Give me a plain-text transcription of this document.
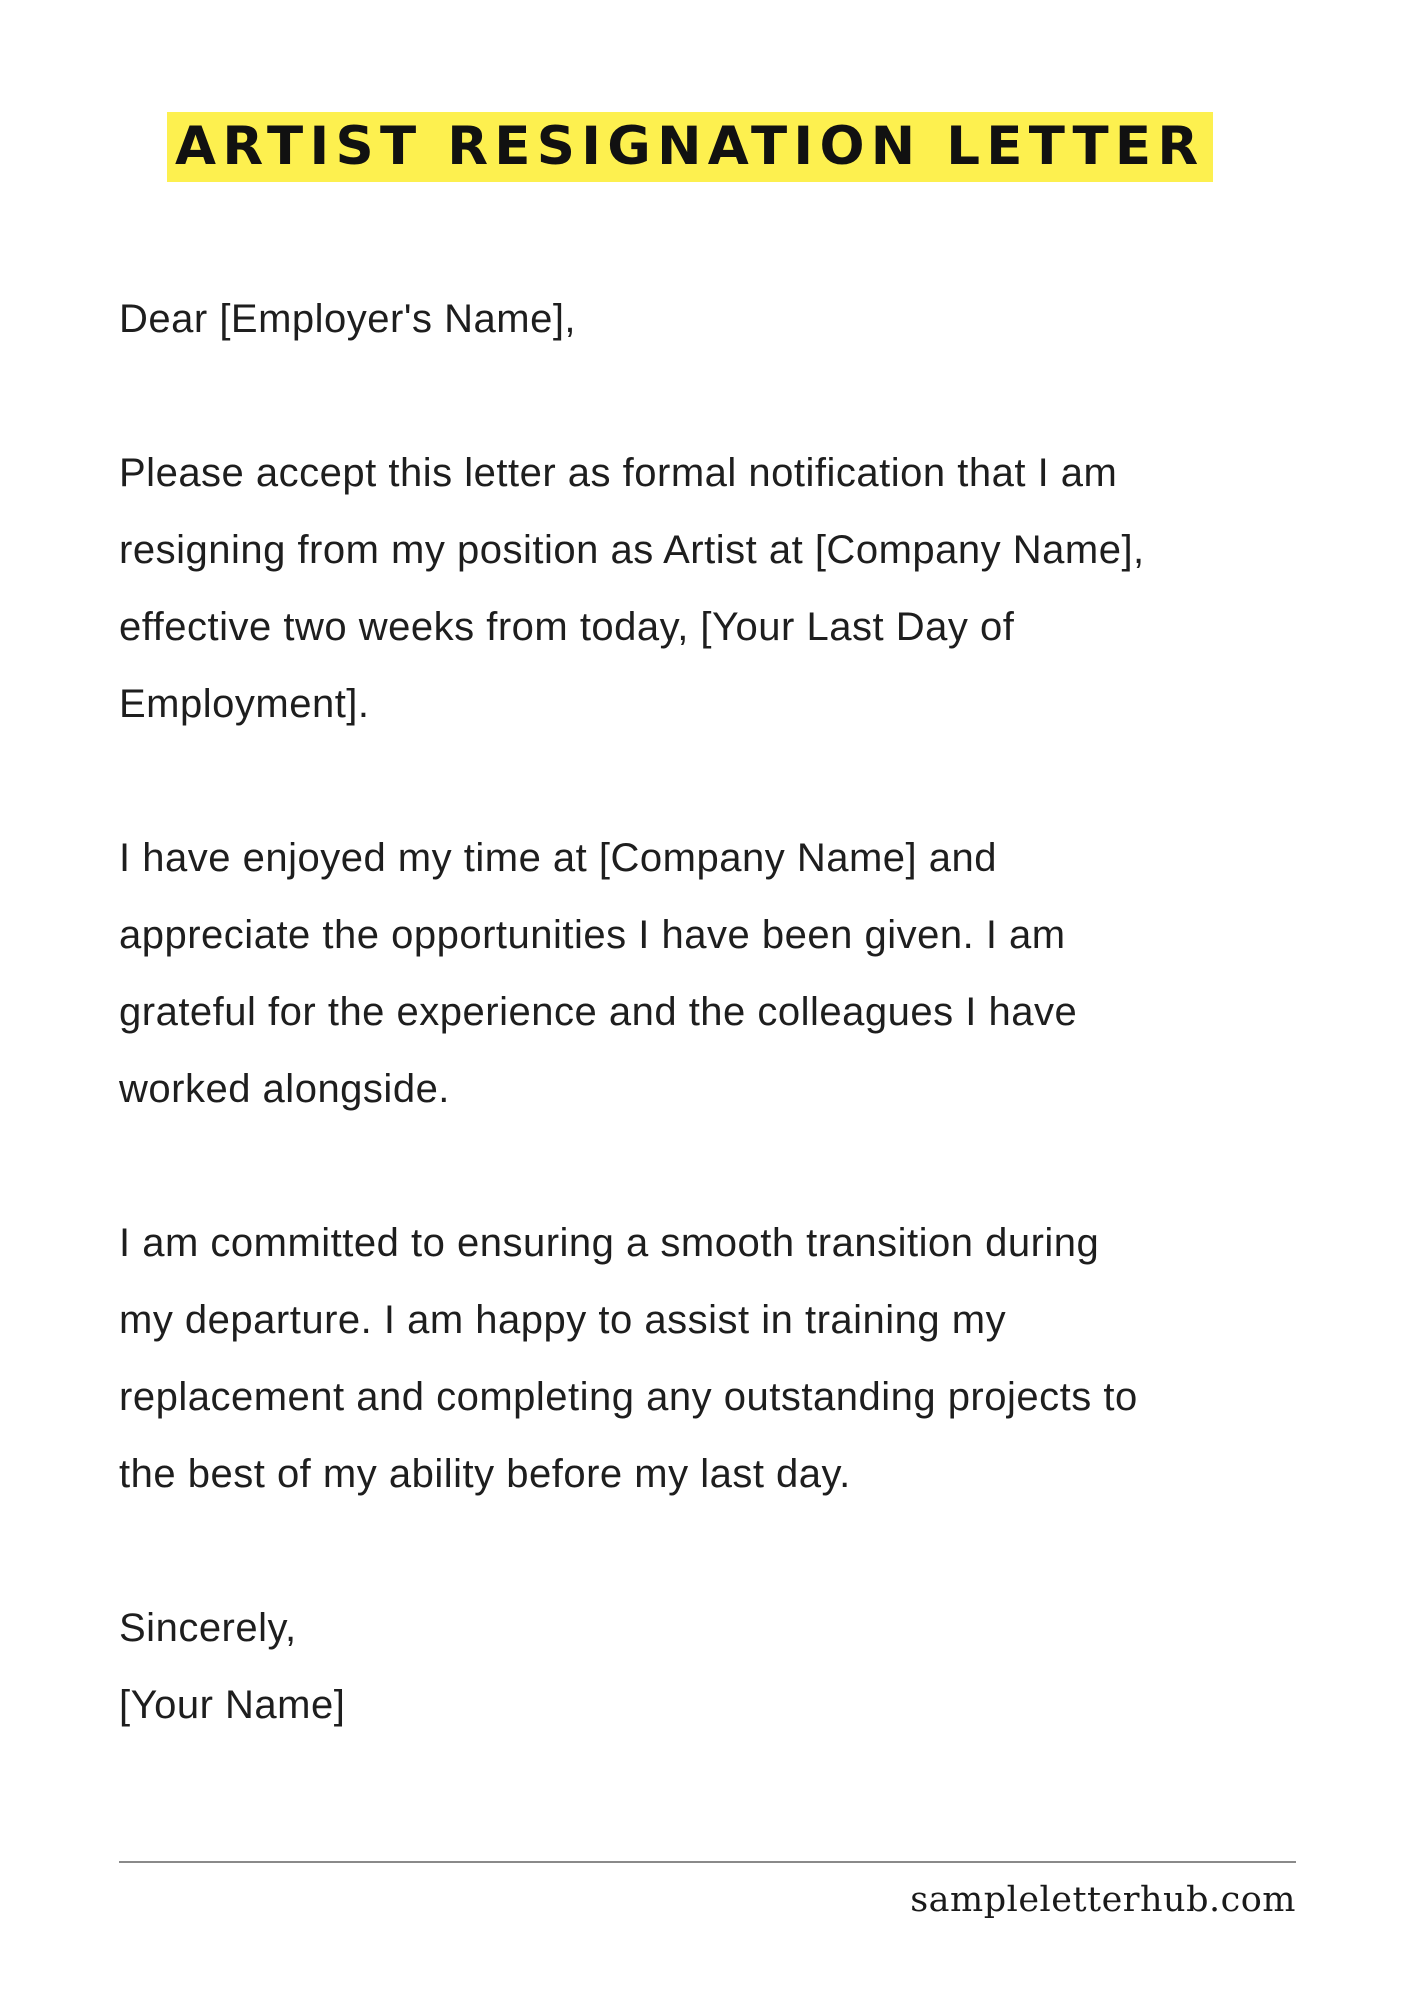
ARTIST RESIGNATION LETTER

Dear [Employer's Name],

Please accept this letter as formal notification that I am
resigning from my position as Artist at [Company Name],
effective two weeks from today, [Your Last Day of
Employment].

I have enjoyed my time at [Company Name] and
appreciate the opportunities I have been given. I am
grateful for the experience and the colleagues I have
worked alongside.

I am committed to ensuring a smooth transition during
my departure. I am happy to assist in training my
replacement and completing any outstanding projects to
the best of my ability before my last day.

Sincerely,
[Your Name]

sampleletterhub.com
